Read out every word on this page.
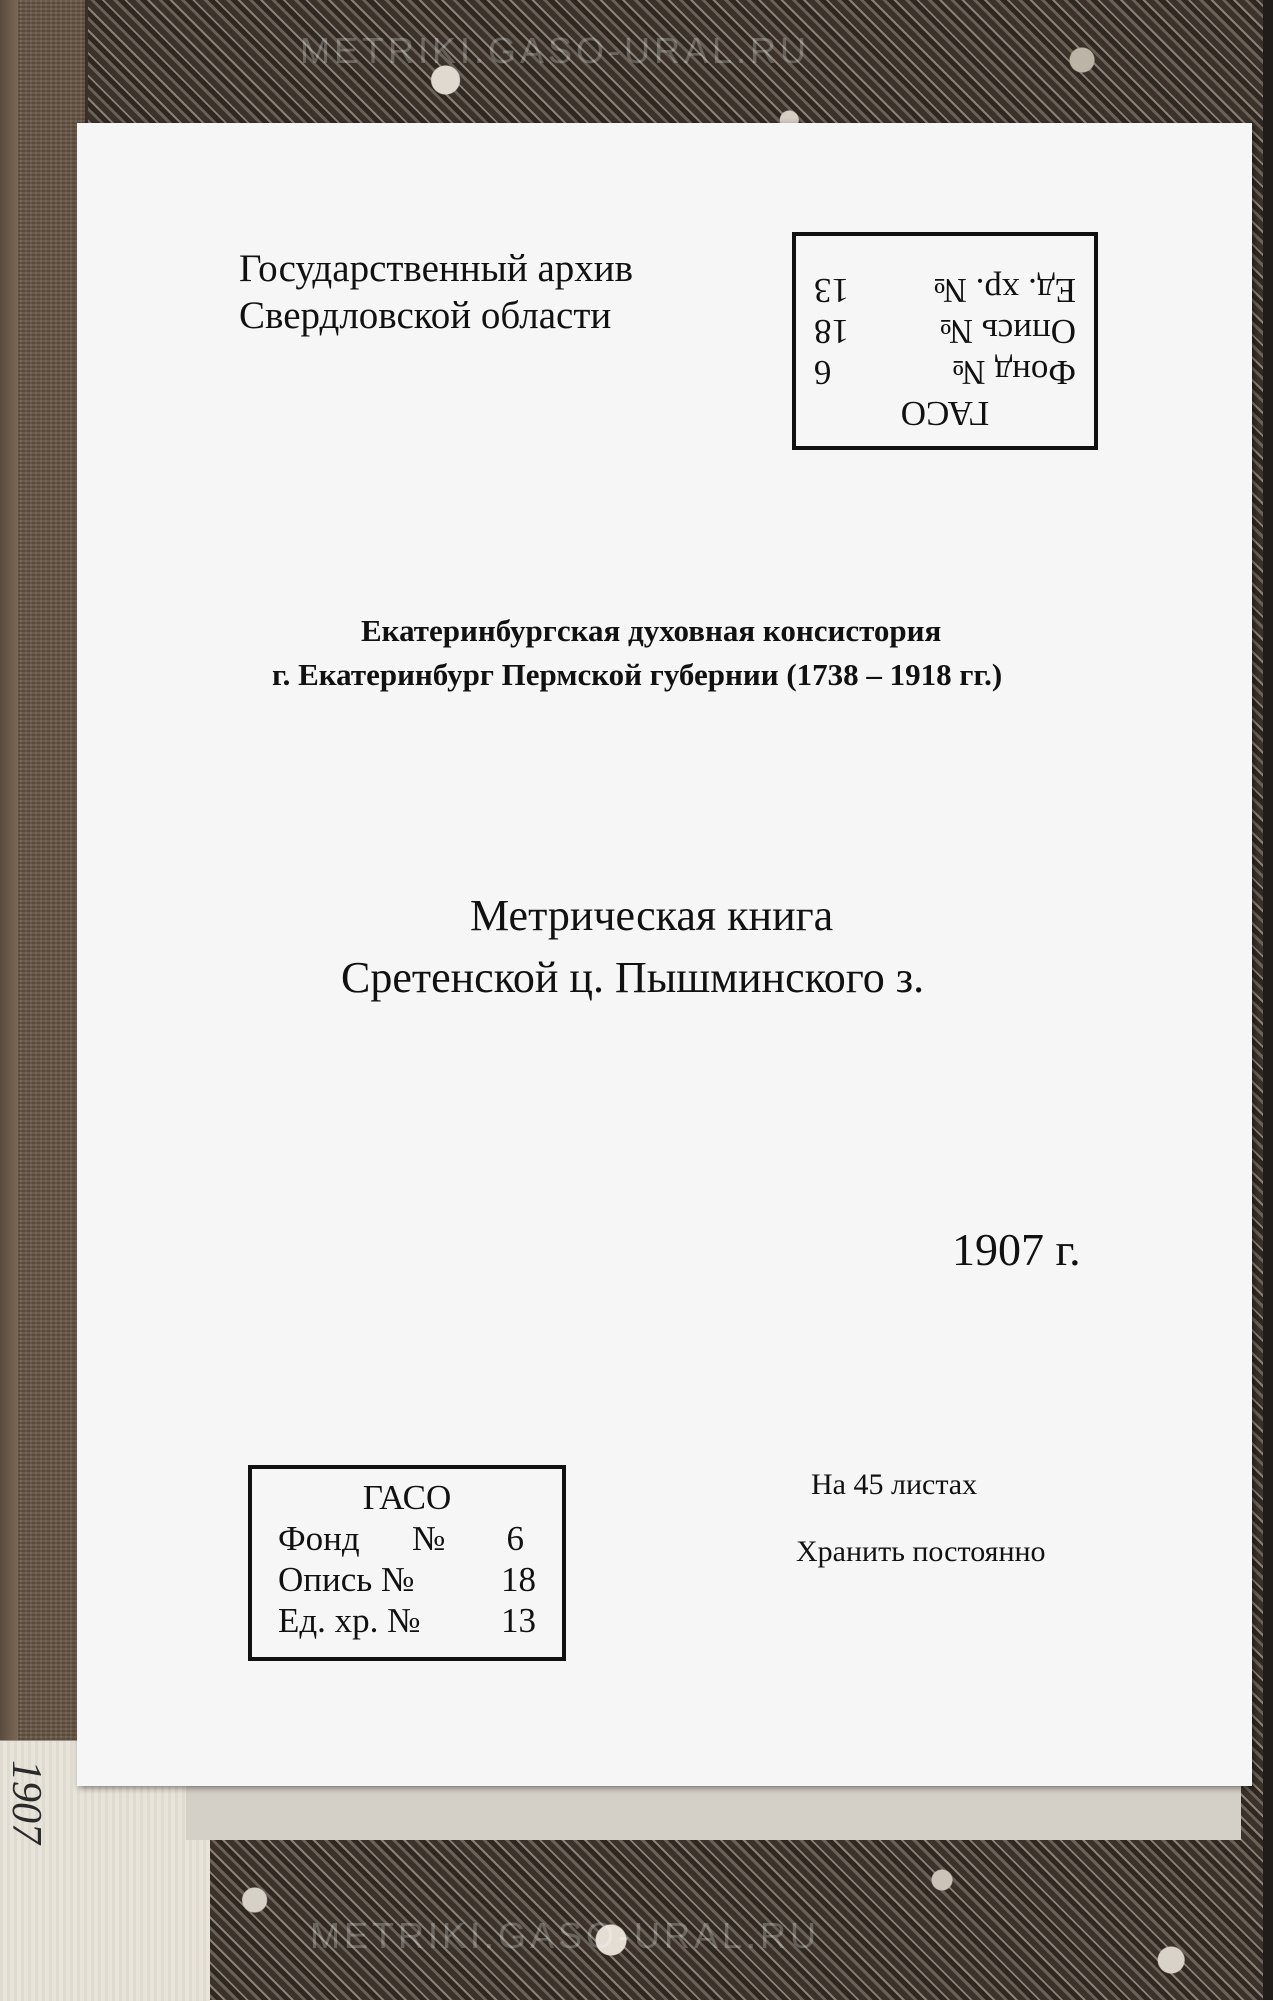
METRIKI.GASO-URAL.RU
METRIKI.GASO-URAL.RU
1907
Государственный архив
Свердловской области
ГАСО
Фонд №
6
Опись №
18
Ед. хр. №
13
Екатеринбургская духовная консистория
г. Екатеринбург Пермской губернии (1738 – 1918 гг.)
Метрическая книга
Сретенской ц. Пышминского з.
1907 г.
ГАСО
Фонд № 6
Опись № 18
Ед. хр. № 13
На 45 листах
Хранить постоянно
